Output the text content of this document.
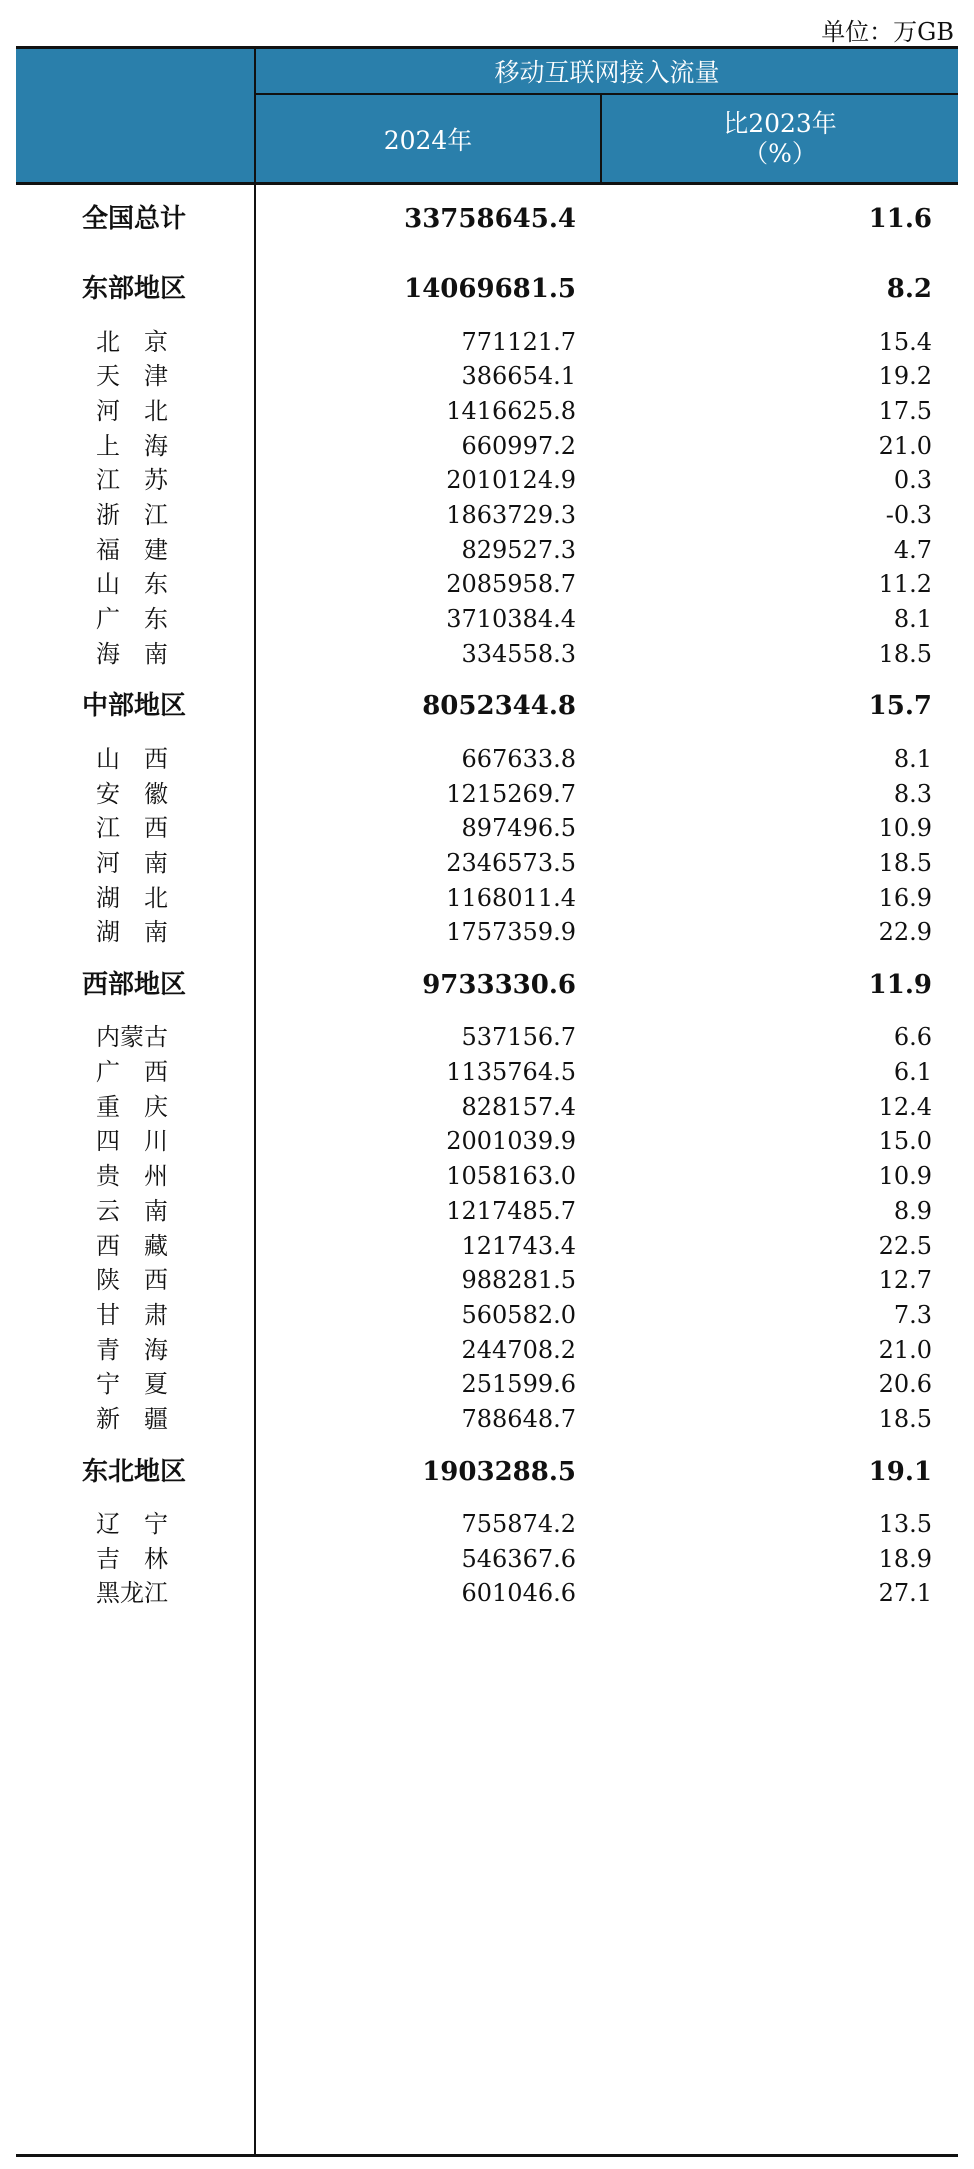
单位：万GB
移动互联网接入流量
2024年
比2023年
（%）
全国总计	33758645.4	11.6
东部地区	14069681.5	8.2
北　京	771121.7	15.4
天　津	386654.1	19.2
河　北	1416625.8	17.5
上　海	660997.2	21.0
江　苏	2010124.9	0.3
浙　江	1863729.3	-0.3
福　建	829527.3	4.7
山　东	2085958.7	11.2
广　东	3710384.4	8.1
海　南	334558.3	18.5
中部地区	8052344.8	15.7
山　西	667633.8	8.1
安　徽	1215269.7	8.3
江　西	897496.5	10.9
河　南	2346573.5	18.5
湖　北	1168011.4	16.9
湖　南	1757359.9	22.9
西部地区	9733330.6	11.9
内蒙古	537156.7	6.6
广　西	1135764.5	6.1
重　庆	828157.4	12.4
四　川	2001039.9	15.0
贵　州	1058163.0	10.9
云　南	1217485.7	8.9
西　藏	121743.4	22.5
陕　西	988281.5	12.7
甘　肃	560582.0	7.3
青　海	244708.2	21.0
宁　夏	251599.6	20.6
新　疆	788648.7	18.5
东北地区	1903288.5	19.1
辽　宁	755874.2	13.5
吉　林	546367.6	18.9
黑龙江	601046.6	27.1
